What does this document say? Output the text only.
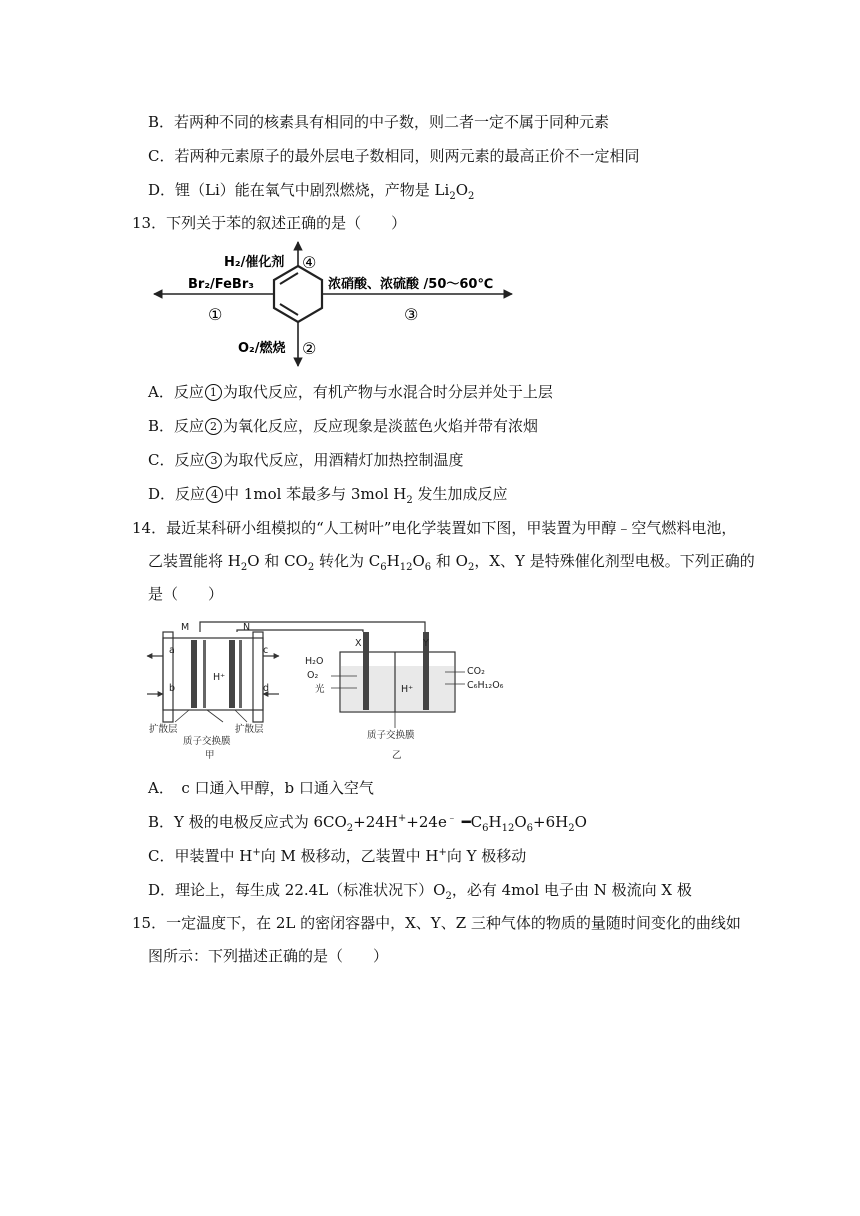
B．若两种不同的核素具有相同的中子数，则二者一定不属于同种元素
C．若两种元素原子的最外层电子数相同，则两元素的最高正价不一定相同
D．锂（Li）能在氧气中剧烈燃烧，产物是 $Li_2O_2$
13．下列关于苯的叙述正确的是（　　）
H₂/催化剂 ④
Br₂/FeBr₃
①
浓硝酸、浓硫酸 /50～60℃
③
O₂/燃烧 ②
A．反应 1 为取代反应，有机产物与水混合时分层并处于上层
B．反应 2 为氧化反应，反应现象是淡蓝色火焰并带有浓烟
C．反应 3 为取代反应，用酒精灯加热控制温度
D．反应 4 中 1mol 苯最多与 3mol $H_2$ 发生加成反应
14．最近某科研小组模拟的“人工树叶”电化学装置如下图，甲装置为甲醇﹣空气燃料电池，
乙装置能将 $H_2O$ 和 $CO_2$ 转化为 $C_6H_{12}O_6$ 和 $O_2$，X、Y 是特殊催化剂型电极。下列正确的
是（　　）
M	N
X	Y
a
b
c
d
H⁺
H⁺
H₂O
O₂
光
CO₂
C₆H₁₂O₆
扩散层	扩散层
质子交换膜
质子交换膜
甲	乙
A．　c 口通入甲醇，b 口通入空气
B．Y 极的电极反应式为 $6CO_2+24H^++24e^﹣$ $━C_6H_{12}O_6+6H_2O$
C．甲装置中 H+向 M 极移动，乙装置中 H+向 Y 极移动
D．理论上，每生成 22.4L（标准状况下）$O_2$，必有 4mol 电子由 N 极流向 X 极
15．一定温度下，在 2L 的密闭容器中，X、Y、Z 三种气体的物质的量随时间变化的曲线如
图所示：下列描述正确的是（　　）
